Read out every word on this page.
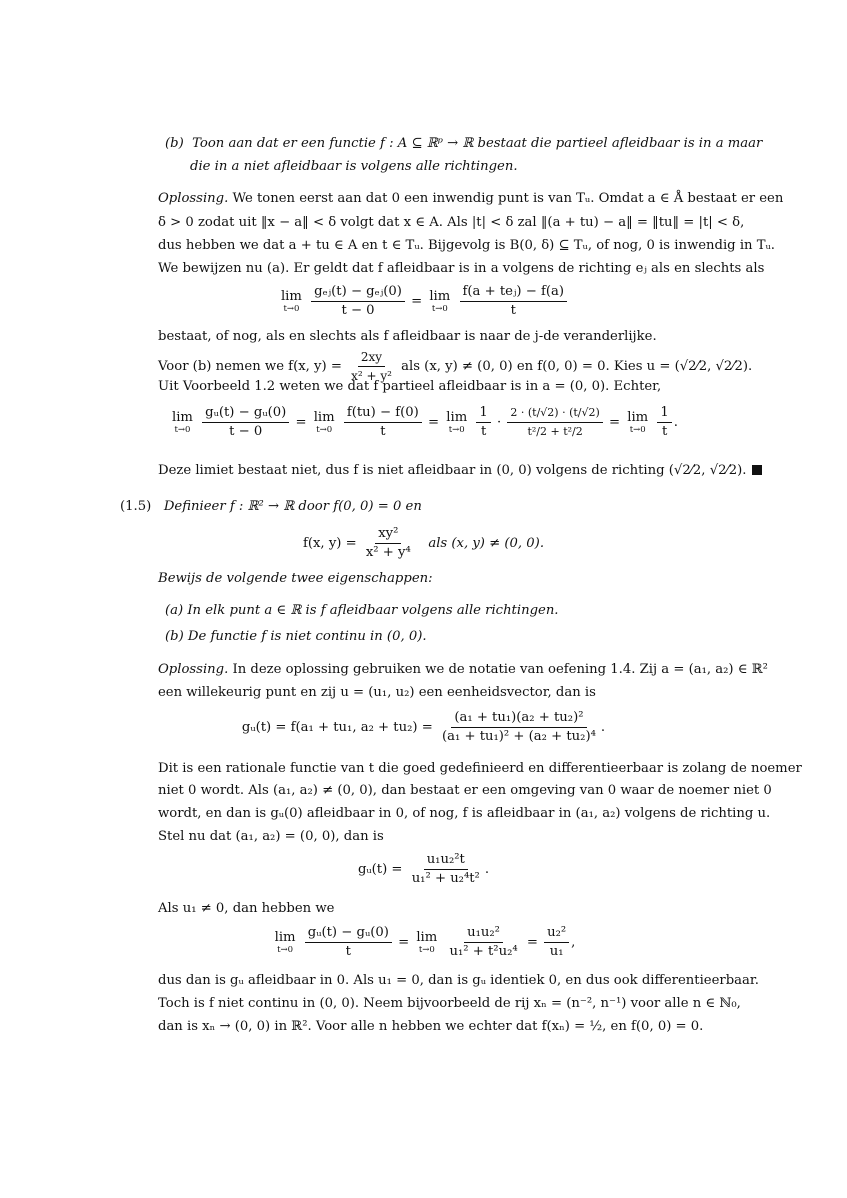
(b) Toon aan dat er een functie f : A ⊆ ℝᵖ → ℝ bestaat die partieel afleidbaar is in a maar
die in a niet afleidbaar is volgens alle richtingen.
Oplossing. We tonen eerst aan dat 0 een inwendig punt is van Tᵤ. Omdat a ∈ Å bestaat er een
δ > 0 zodat uit ‖x − a‖ < δ volgt dat x ∈ A. Als |t| < δ zal ‖(a + tu) − a‖ = ‖tu‖ = |t| < δ,
dus hebben we dat a + tu ∈ A en t ∈ Tᵤ. Bijgevolg is B(0, δ) ⊆ Tᵤ, of nog, 0 is inwendig in Tᵤ.
We bewijzen nu (a). Er geldt dat f afleidbaar is in a volgens de richting eⱼ als en slechts als
lim
t→0
$\frac{\text{gₑⱼ(t) − gₑⱼ(0)}}{t - 0} = \lim$
t→0
$\frac{\text{f(a + teⱼ) − f(a)}}{t}$
bestaat, of nog, als en slechts als f afleidbaar is naar de j-de veranderlijke.
Voor (b) nemen we f(x, $y) = \frac{2xy}{\text{x² + y²}}$ als (x, y) ≠ (0, 0) en f(0, 0) = 0. Kies u = (√2⁄2, √2⁄2).
Uit Voorbeeld 1.2 weten we dat f partieel afleidbaar is in a = (0, 0). Echter,
lim
t→0
$\frac{\text{gᵤ(t) − gᵤ(0)}}{t - 0} = \lim$
t→0
$\frac{f(tu) - f(0)}{t} = \lim$
t→0
$\frac{1}{t} \cdot \frac{2 \cdot (t/√2) \cdot (t/√2)}{\text{t²/2 + t²/2}} = \lim$
t→0
$\frac{1}{t}$ .
Deze limiet bestaat niet, dus f is niet afleidbaar in (0, 0) volgens de richting (√2⁄2, √2⁄2).
(1.5) Definieer f : ℝ² → ℝ door f(0, 0) = 0 en
f(x, $y) = \frac{\text{xy²}}{\text{x² + y⁴}}$ als (x, y) ≠ (0, 0).
Bewijs de volgende twee eigenschappen:
(a) In elk punt a ∈ ℝ is f afleidbaar volgens alle richtingen.
(b) De functie f is niet continu in (0, 0).
Oplossing. In deze oplossing gebruiken we de notatie van oefening 1.4. Zij a = (a₁, a₂) ∈ ℝ²
een willekeurig punt en zij u = (u₁, u₂) een eenheidsvector, dan is
gᵤ(t) = f(a₁ + tu₁, $a_2 + tu_2) = \frac{\text{(a₁ + tu₁)(a₂ + tu₂)²}}{\text{(a₁ + tu₁)² + (a₂ + tu₂)⁴}}$ .
Dit is een rationale functie van t die goed gedefinieerd en differentieerbaar is zolang de noemer
niet 0 wordt. Als (a₁, a₂) ≠ (0, 0), dan bestaat er een omgeving van 0 waar de noemer niet 0
wordt, en dan is gᵤ(0) afleidbaar in 0, of nog, f is afleidbaar in (a₁, a₂) volgens de richting u.
Stel nu dat (a₁, a₂) = (0, 0), dan is
gᵤ(t) = $\frac{\text{u₁u₂²t}}{\text{u₁² + u₂⁴t²}}$ .
Als u₁ ≠ 0, dan hebben we
lim
t→0
$\frac{\text{gᵤ(t) − gᵤ(0)}}{t} = \lim$
t→0
$\frac{\text{u₁u₂²}}{\text{u₁² + t²u₂⁴}} = \frac{\text{u₂²}}{\text{u₁}}$ ,
dus dan is gᵤ afleidbaar in 0. Als u₁ = 0, dan is gᵤ identiek 0, en dus ook differentieerbaar.
Toch is f niet continu in (0, 0). Neem bijvoorbeeld de rij xₙ = (n⁻², n⁻¹) voor alle n ∈ ℕ₀,
dan is xₙ → (0, 0) in ℝ². Voor alle n hebben we echter dat f(xₙ) = ½, en f(0, 0) = 0.
